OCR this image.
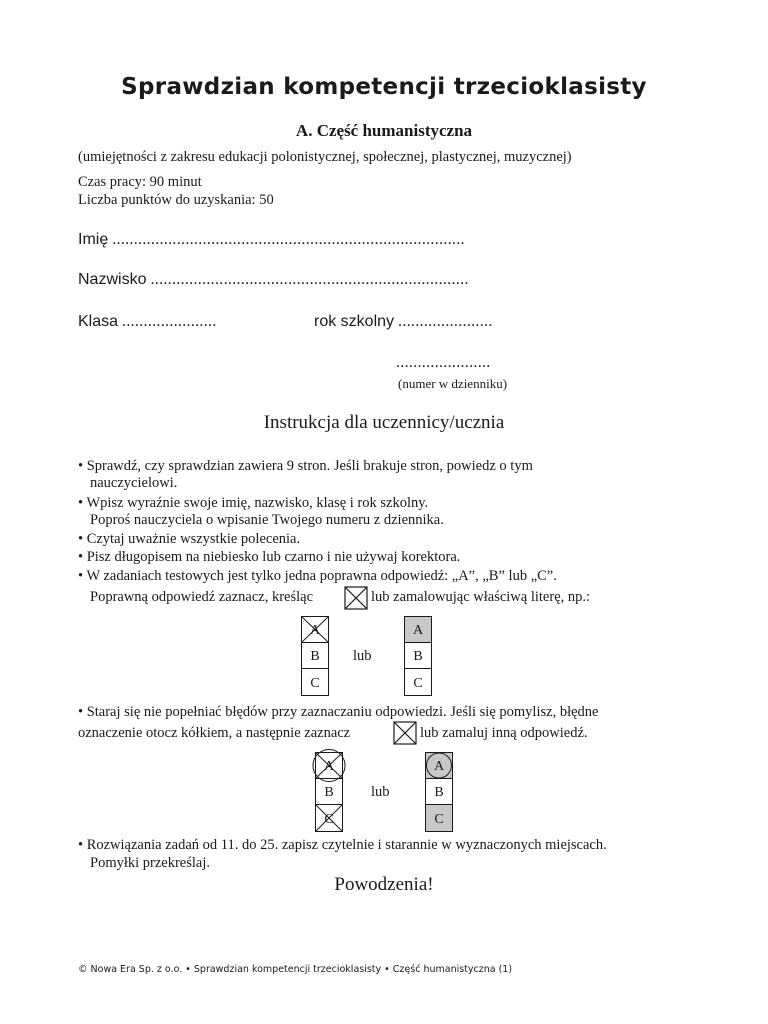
Sprawdzian kompetencji trzecioklasisty
A. Część humanistyczna
(umiejętności z zakresu edukacji polonistycznej, społecznej, plastycznej, muzycznej)
Czas pracy: 90 minut
Liczba punktów do uzyskania: 50
Imię ..................................................................................
Nazwisko ..........................................................................
Klasa ......................	rok szkolny ......................
......................
(numer w dzienniku)
Instrukcja dla uczennicy/ucznia
• Sprawdź, czy sprawdzian zawiera 9 stron. Jeśli brakuje stron, powiedz o tym
nauczycielowi.
• Wpisz wyraźnie swoje imię, nazwisko, klasę i rok szkolny.
Poproś nauczyciela o wpisanie Twojego numeru z dziennika.
• Czytaj uważnie wszystkie polecenia.
• Pisz długopisem na niebiesko lub czarno i nie używaj korektora.
• W zadaniach testowych jest tylko jedna poprawna odpowiedź: „A”, „B” lub „C”.
Poprawną odpowiedź zaznacz, kreśląc	lub zamalowując właściwą literę, np.:
A
B
C
lub
A
B
C
• Staraj się nie popełniać błędów przy zaznaczaniu odpowiedzi. Jeśli się pomylisz, błędne
oznaczenie otocz kółkiem, a następnie zaznacz	lub zamaluj inną odpowiedź.
A
B
C
lub
A
B
C
• Rozwiązania zadań od 11. do 25. zapisz czytelnie i starannie w wyznaczonych miejscach.
Pomyłki przekreślaj.
Powodzenia!
© Nowa Era Sp. z o.o. • Sprawdzian kompetencji trzecioklasisty • Część humanistyczna (1)
